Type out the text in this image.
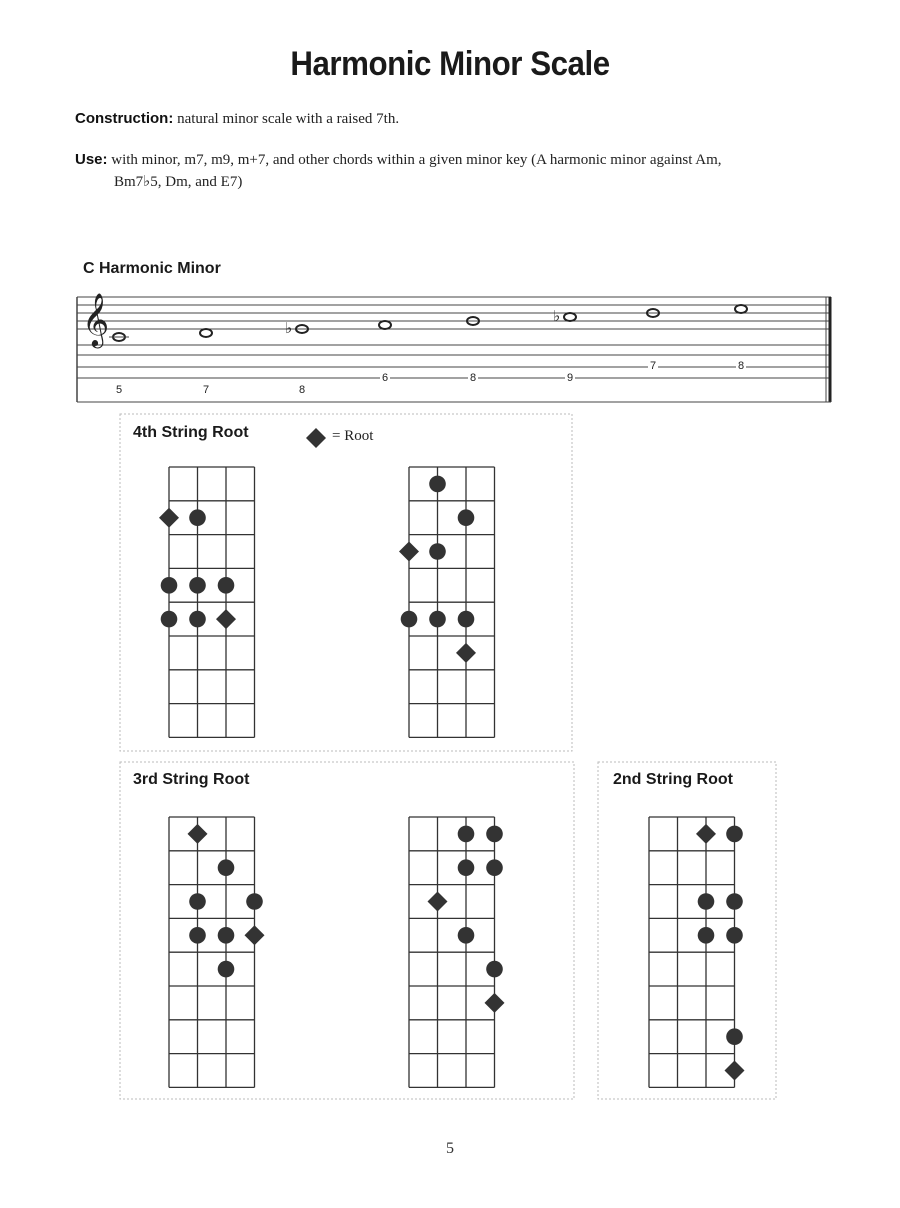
Harmonic Minor Scale
Construction: natural minor scale with a raised 7th.
Use: with minor, m7, m9, m+7, and other chords within a given minor key (A harmonic minor against Am,
Bm7♭5, Dm, and E7)
C Harmonic Minor
𝄞	♭
♭
5	7	8
6	8	9
7	8
4th String Root	= Root
3rd String Root	2nd String Root
5
